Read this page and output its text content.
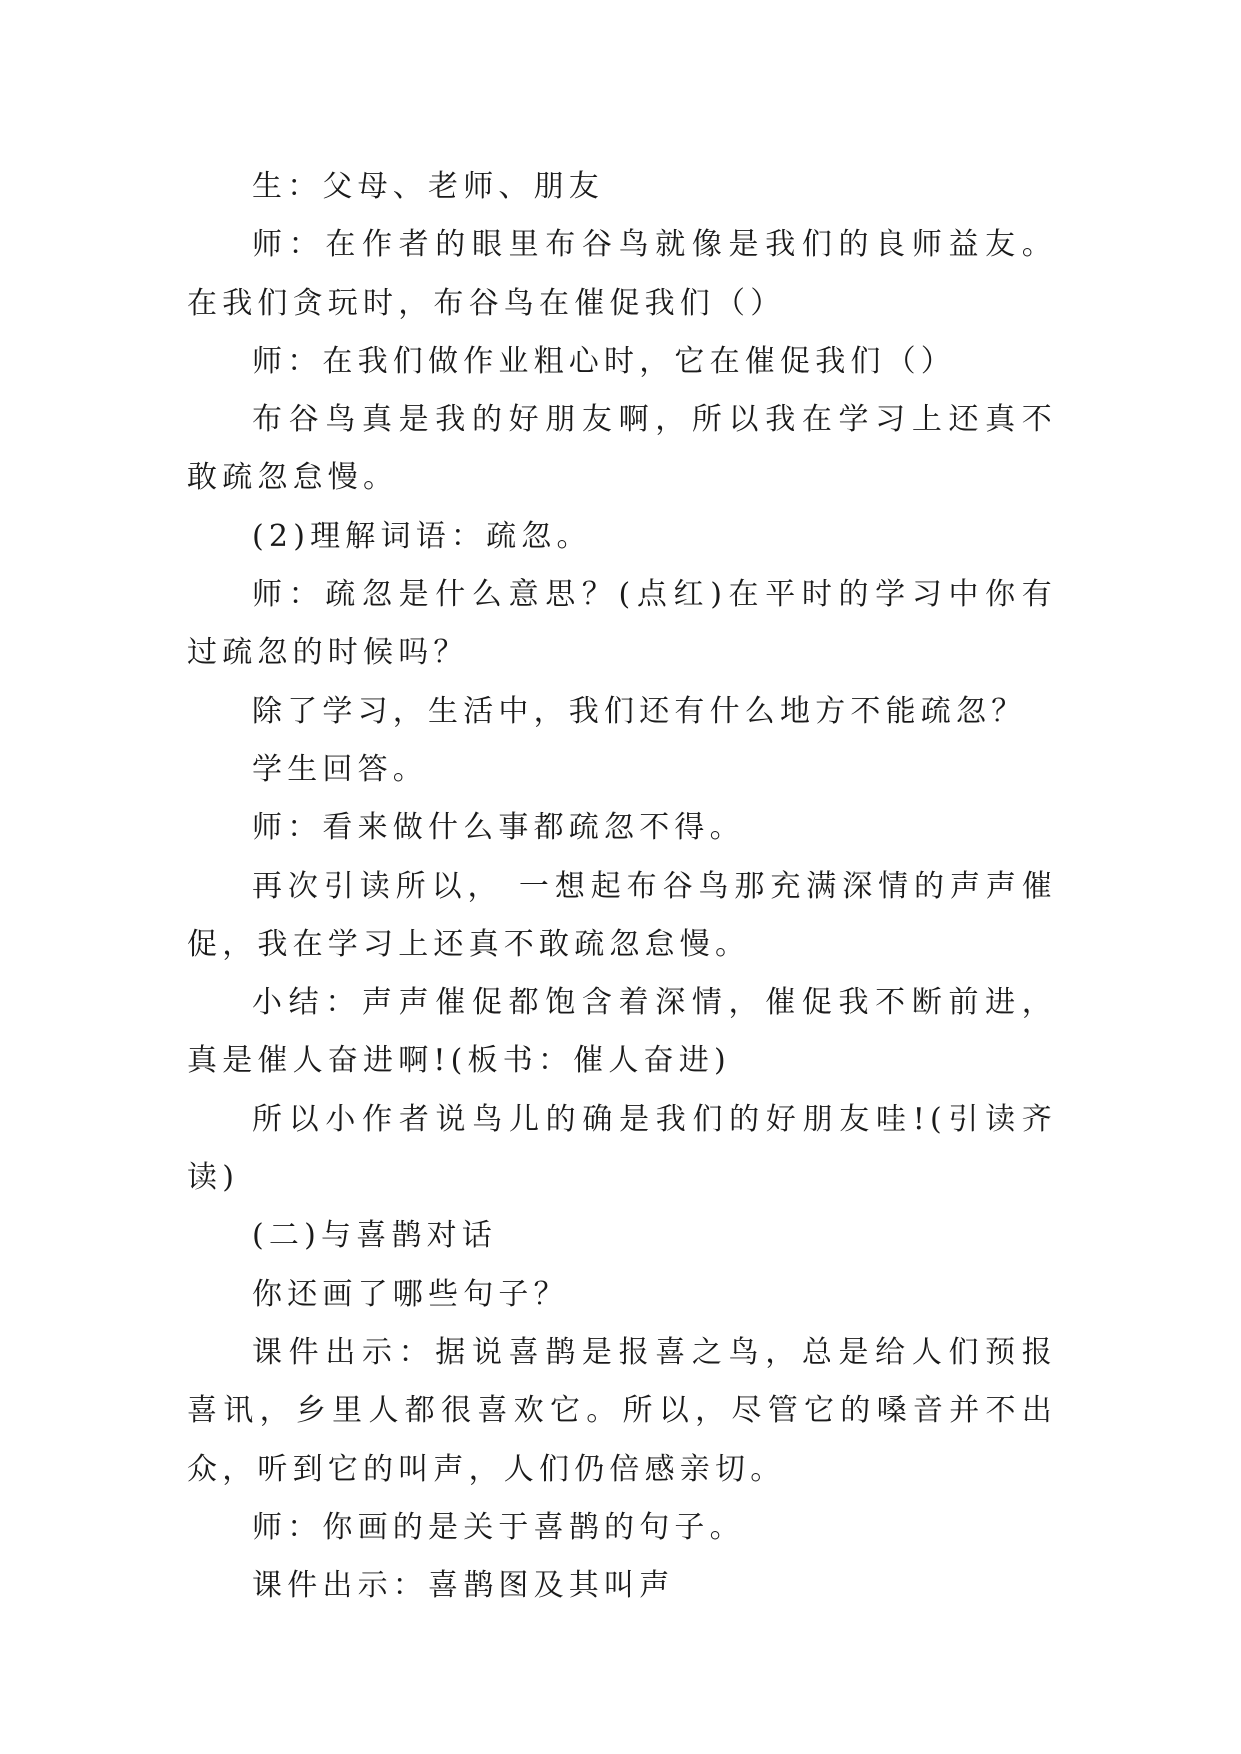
生：父母、老师、朋友

师：在作者的眼里布谷鸟就像是我们的良师益友。在我们贪玩时，布谷鸟在催促我们（）

师：在我们做作业粗心时，它在催促我们（）

布谷鸟真是我的好朋友啊，所以我在学习上还真不敢疏忽怠慢。

(2)理解词语：疏忽。

师：疏忽是什么意思？(点红)在平时的学习中你有过疏忽的时候吗？

除了学习，生活中，我们还有什么地方不能疏忽？

学生回答。

师：看来做什么事都疏忽不得。

再次引读所以， 一想起布谷鸟那充满深情的声声催促，我在学习上还真不敢疏忽怠慢。

小结：声声催促都饱含着深情，催促我不断前进，真是催人奋进啊!(板书：催人奋进)

所以小作者说鸟儿的确是我们的好朋友哇!(引读齐读)

(二)与喜鹊对话

你还画了哪些句子？

课件出示：据说喜鹊是报喜之鸟，总是给人们预报喜讯，乡里人都很喜欢它。所以，尽管它的嗓音并不出众，听到它的叫声，人们仍倍感亲切。

师：你画的是关于喜鹊的句子。

课件出示：喜鹊图及其叫声
